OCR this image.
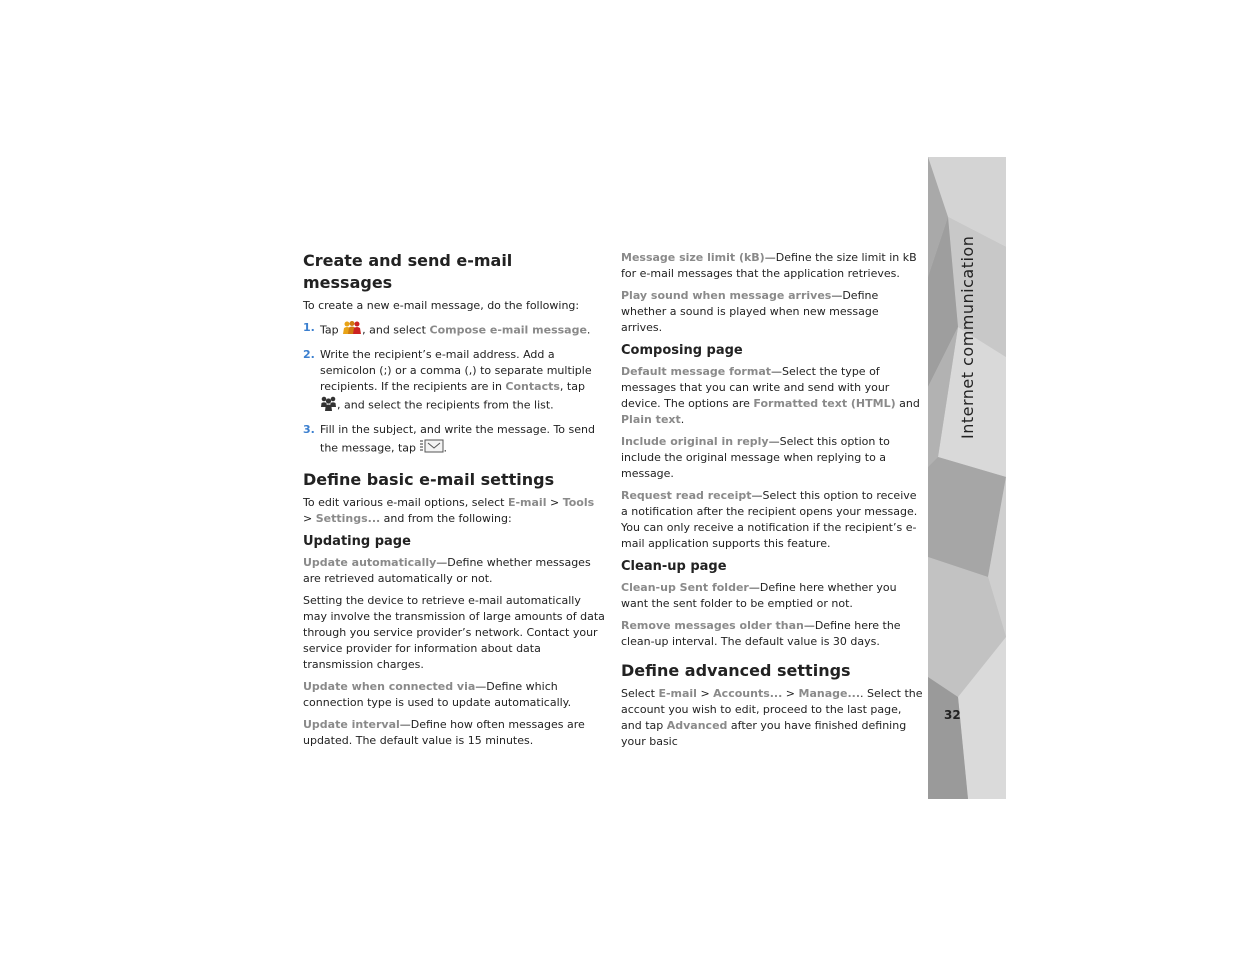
Create and send e-mail messages

To create a new e-mail message, do the following:

1. Tap , and select Compose e-mail message.
2. Write the recipient’s e-mail address. Add a semicolon (;) or a comma (,) to separate multiple recipients. If the recipients are in Contacts, tap , and select the recipients from the list.
3. Fill in the subject, and write the message. To send the message, tap .
Define basic e-mail settings

To edit various e-mail options, select E-mail > Tools > Settings... and from the following:

Updating page

Update automatically—Define whether messages are retrieved automatically or not.

Setting the device to retrieve e-mail automatically may involve the transmission of large amounts of data through you service provider’s network. Contact your service provider for information about data transmission charges.

Update when connected via—Define which connection type is used to update automatically.

Update interval—Define how often messages are updated. The default value is 15 minutes.

Message size limit (kB)—Define the size limit in kB for e-mail messages that the application retrieves.

Play sound when message arrives—Define whether a sound is played when new message arrives.

Composing page

Default message format—Select the type of messages that you can write and send with your device. The options are Formatted text (HTML) and Plain text.

Include original in reply—Select this option to include the original message when replying to a message.

Request read receipt—Select this option to receive a notification after the recipient opens your message. You can only receive a notification if the recipient’s e-mail application supports this feature.

Clean-up page

Clean-up Sent folder—Define here whether you want the sent folder to be emptied or not.

Remove messages older than—Define here the clean-up interval. The default value is 30 days.

Define advanced settings

Select E-mail > Accounts... > Manage.... Select the account you wish to edit, proceed to the last page, and tap Advanced after you have finished defining your basic

Internet communication
32
